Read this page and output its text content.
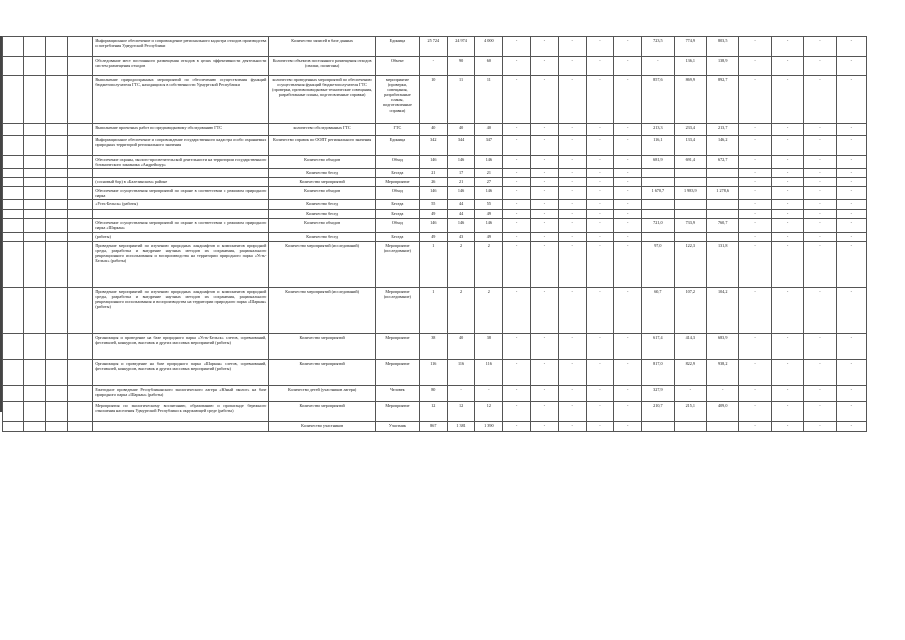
				Информационное обеспечение и сопровождение регионального кадастра отходов производства и потребления Удмуртской Республики	Количество записей в базе данных	Единица	25 724	24 974	4 000	-	-	-	-	-	723,5	774,9	803,5	-	-	-	-
				Обследование мест постоянного размещения отходов в целях эффективности деятельности систем размещения отходов	Количество объектов постоянного размещения отходов (свалки, полигоны)	Объект	-	90	60	-	-	-	-	-	-	136,1	138,9	-	-	-	-
				Выполнение природоохранных мероприятий по обеспечению осуществления функций бюджетополучателя ГТС, находящихся в собственности Удмуртской Республики	количество проведенных мероприятий по обеспечению осуществления функций бюджетополучателя ГТС (проверки, противопаводковые технические совещания, разработанные планы, подготовленные справки)	мероприятие (проверки, совещания, разработанные планы, подготовленные справки)	10	11	11	-	-	-	-	-	857,6	869,9	892,7	-	-	-	-
				Выполнение проектных работ по предпаводковому обследованию ГТС	количество обследованных ГТС	ГТС	40	40	40	-	-	-	-	-	213,3	233,4	213,7	-	-	-	-
				Информационное обеспечение и сопровождение государственного кадастра особо охраняемых природных территорий регионального значения	Количество справок по ООПТ регионального значения	Единица	342	344	347	-	-	-	-	-	116,1	133,4	146,2	-	-	-	-
				Обеспечение охраны, эколого-просветительской деятельности на территории государственного ботанического заказника «Андрейшур»	Количество обходов	Обход	146	146	146	-	-	-	-	-	681,9	691,4	672,7	-	-	-	-
					Количество бесед	Беседа	21	17	21	-	-	-	-	-				-	-	-	-
				(сосновый бор) в «Балезинском» районе	Количество мероприятий	Мероприятие	26	21	27	-	-	-	-	-				-	-	-	-
				Обеспечение осуществления мероприятий по охране в соответствии с режимом природного парка	Количество обходов	Обход	146	146	146	-	-	-	-	-	1 670,7	1 983,9	1 278,6	-	-	-	-
				«Усть-Бельск» (работы)	Количество бесед	Беседа	55	44	55	-	-	-	-	-				-	-	-	-
					Количество бесед	Беседа	49	44	49	-	-	-	-	-				-	-	-	-
				Обеспечение осуществления мероприятий по охране в соответствии с режимом природного парка «Шаркан»	Количество обходов	Обход	146	146	146	-	-	-	-	-	721,0	733,9	760,7	-	-	-	-
				(работы)	Количество бесед	Беседа	49	43	49	-	-	-	-	-				-	-	-	-
				Проведение мероприятий по изучению природных ландшафтов и компонентов природной среды, разработка и внедрение научных методов их сохранения, рационального рекреационного использования и воспроизводства на территории природного парка «Усть-Бельск» (работы)	Количество мероприятий (исследований)	Мероприятие (исследование)	1	2	2	-	-	-	-	-	97,0	122,3	131,8	-	-	-	-
				Проведение мероприятий по изучению природных ландшафтов и компонентов природной среды, разработка и внедрение научных методов их сохранения, рационального рекреационного использования и воспроизводства на территории природного парка «Шаркан» (работы)	Количество мероприятий (исследований)	Мероприятие (исследование)	1	2	2	-	-	-	-	-	60,7	107,2	104,2	-	-	-	-
				Организация и проведение на базе природного парка «Усть-Бельск» слетов, соревнований, фестивалей, конкурсов, выставок и других массовых мероприятий (работы)	Количество мероприятий	Мероприятие	38	40	38	-	-	-	-	-	617,4	414,3	683,9	-	-	-	-
				Организация и проведение на базе природного парка «Шаркан» слетов, соревнований, фестивалей, конкурсов, выставок и других массовых мероприятий (работы)	Количество мероприятий	Мероприятие	116	116	116	-	-	-	-	-	817,0	822,9	938,2	-	-	-	-
				Ежегодное проведение Республиканского экологического лагеря «Юный эколог» на базе природного парка «Шаркан» (работы)	Количество детей (участников лагеря)	Человек	80	-	-	-	-	-	-	-	327,9	-	-	-	-	-	-
				Мероприятия по экологическому воспитанию, образованию и пропаганде бережного отношения населения Удмуртской Республики к окружающей среде (работы)	Количество мероприятий	Мероприятие	12	12	12	-	-	-	-	-	210,7	215,1	409,0	-	-	-	-
					Количество участников	Участник	867	1 381	1 390	-	-	-	-	-				-	-	-	-
